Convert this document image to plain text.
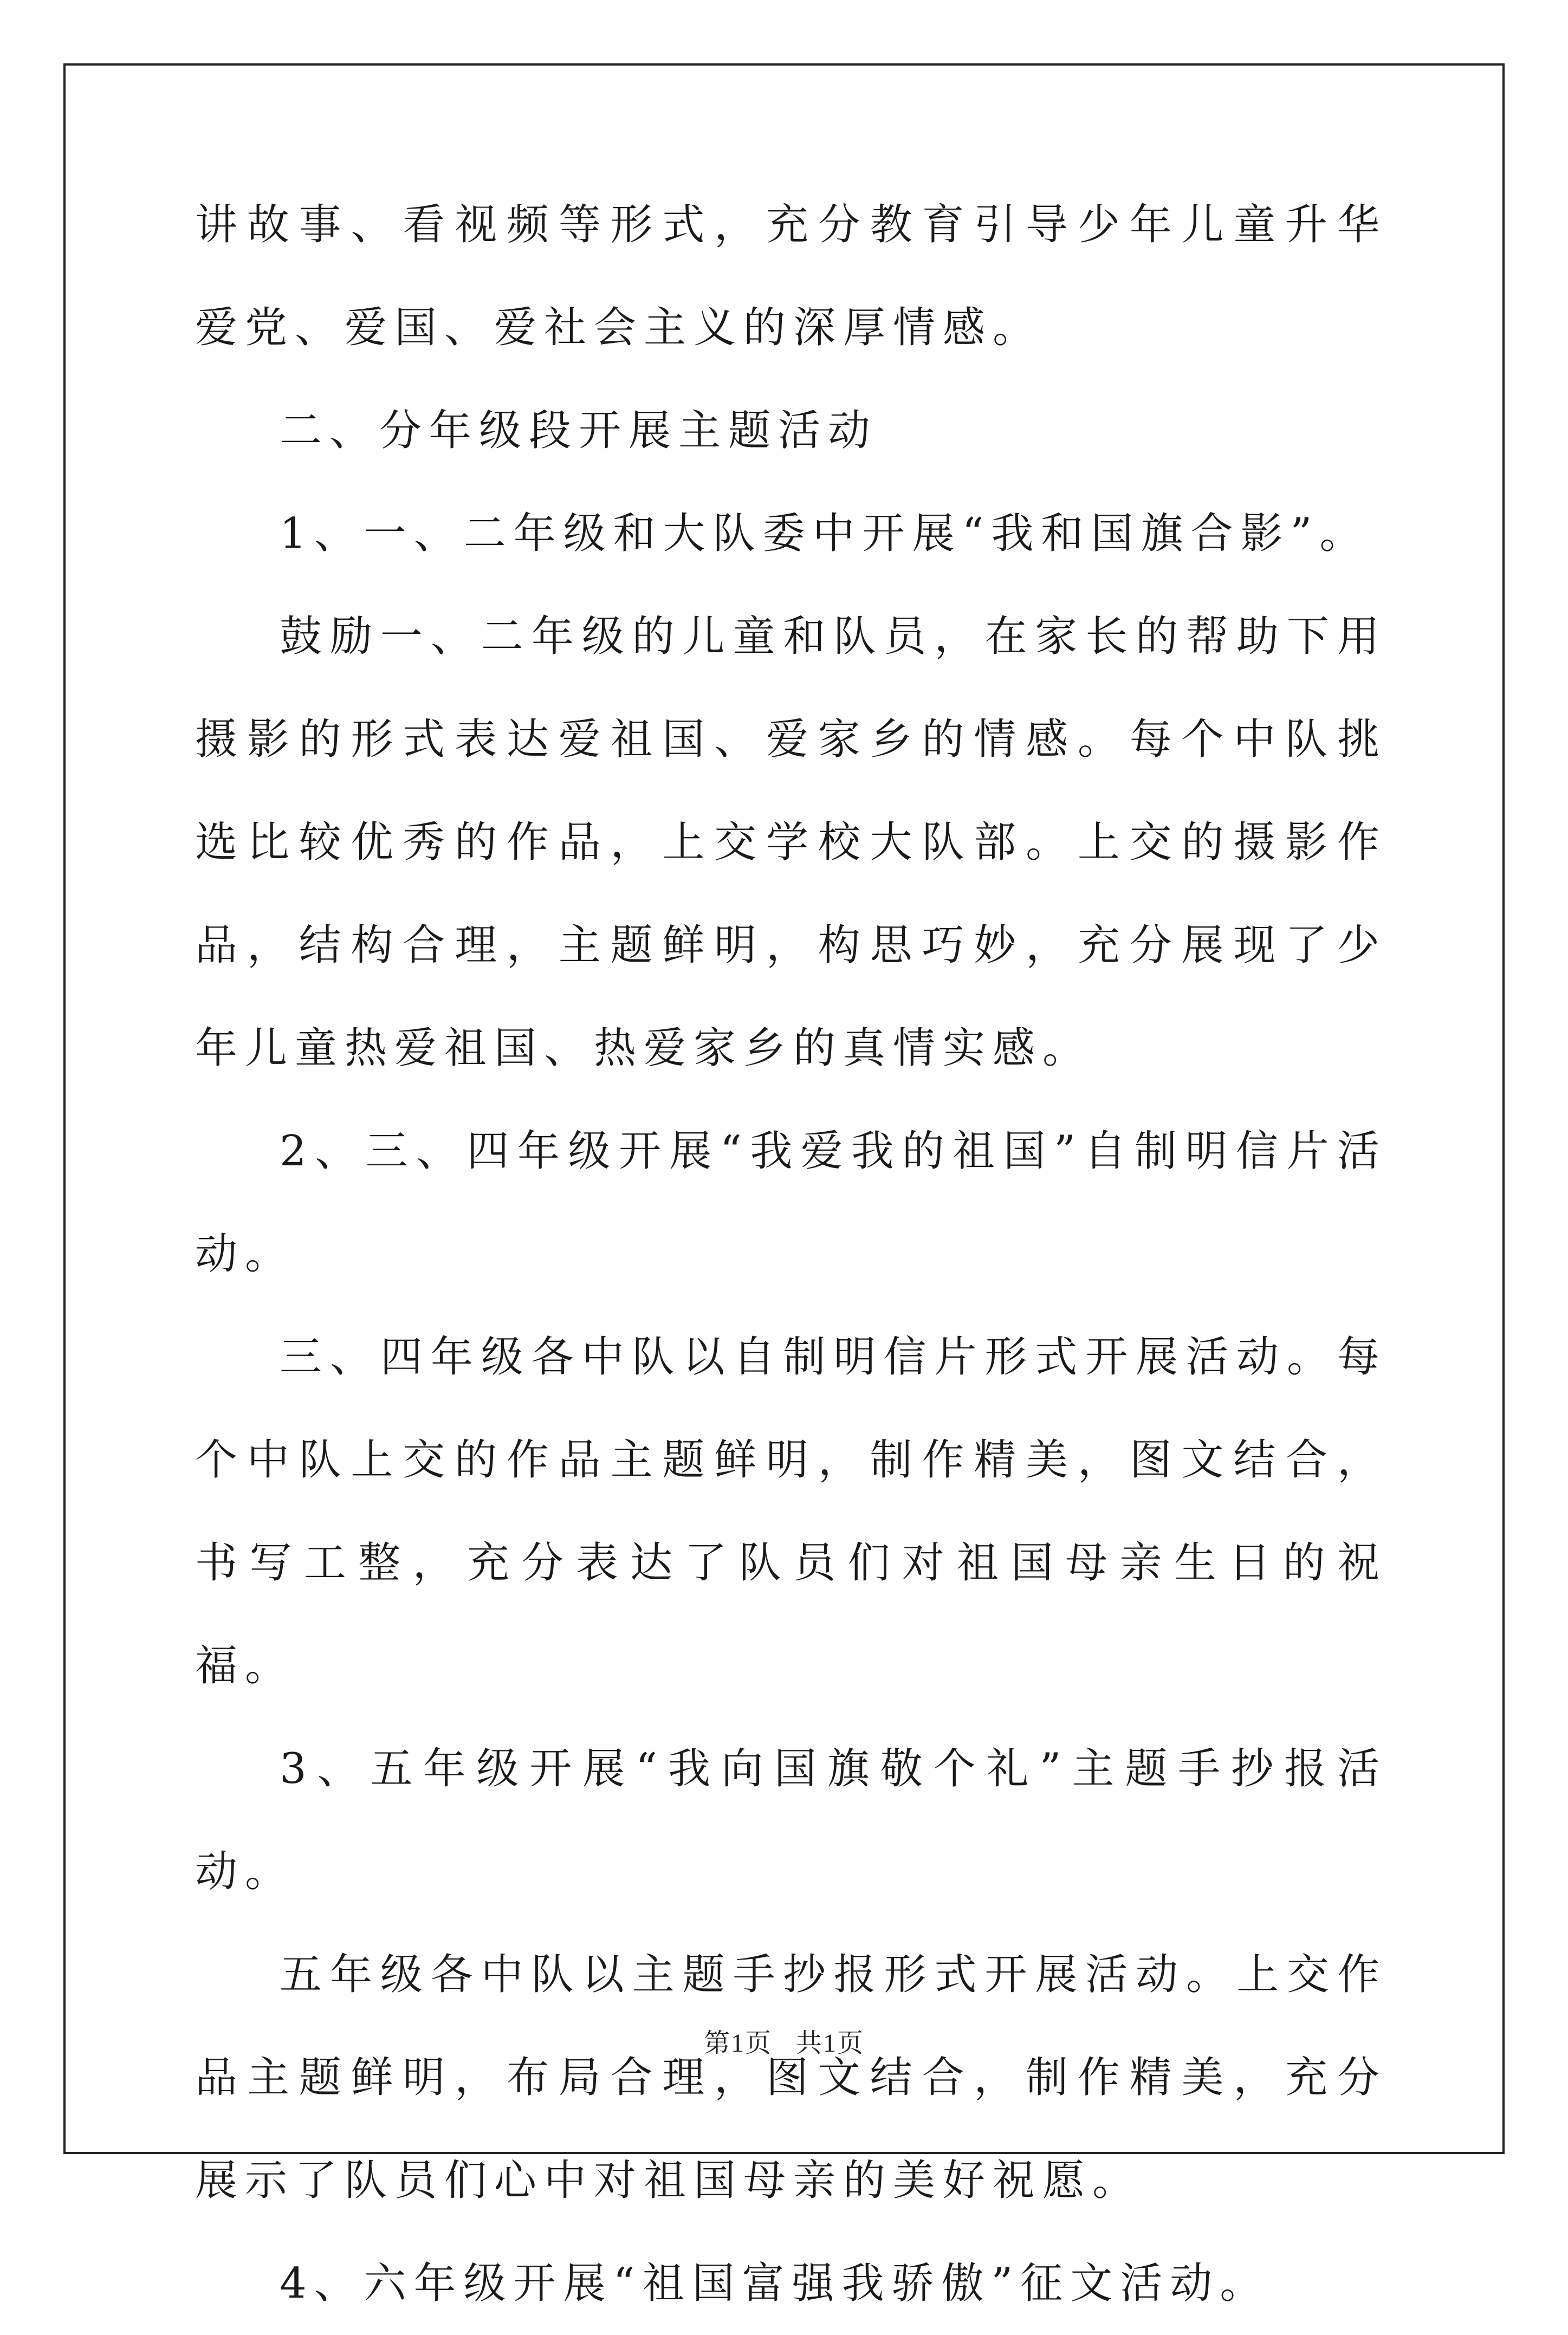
讲故事、看视频等形式，充分教育引导少年儿童升华爱党、爱国、爱社会主义的深厚情感。

二、分年级段开展主题活动

1、一、二年级和大队委中开展“我和国旗合影”。

鼓励一、二年级的儿童和队员，在家长的帮助下用摄影的形式表达爱祖国、爱家乡的情感。每个中队挑选比较优秀的作品，上交学校大队部。上交的摄影作品，结构合理，主题鲜明，构思巧妙，充分展现了少年儿童热爱祖国、热爱家乡的真情实感。

2、三、四年级开展“我爱我的祖国”自制明信片活动。

三、四年级各中队以自制明信片形式开展活动。每个中队上交的作品主题鲜明，制作精美，图文结合，书写工整，充分表达了队员们对祖国母亲生日的祝福。

3、五年级开展“我向国旗敬个礼”主题手抄报活动。

五年级各中队以主题手抄报形式开展活动。上交作品主题鲜明，布局合理，图文结合，制作精美，充分展示了队员们心中对祖国母亲的美好祝愿。

4、六年级开展“祖国富强我骄傲”征文活动。

第1页 共1页
